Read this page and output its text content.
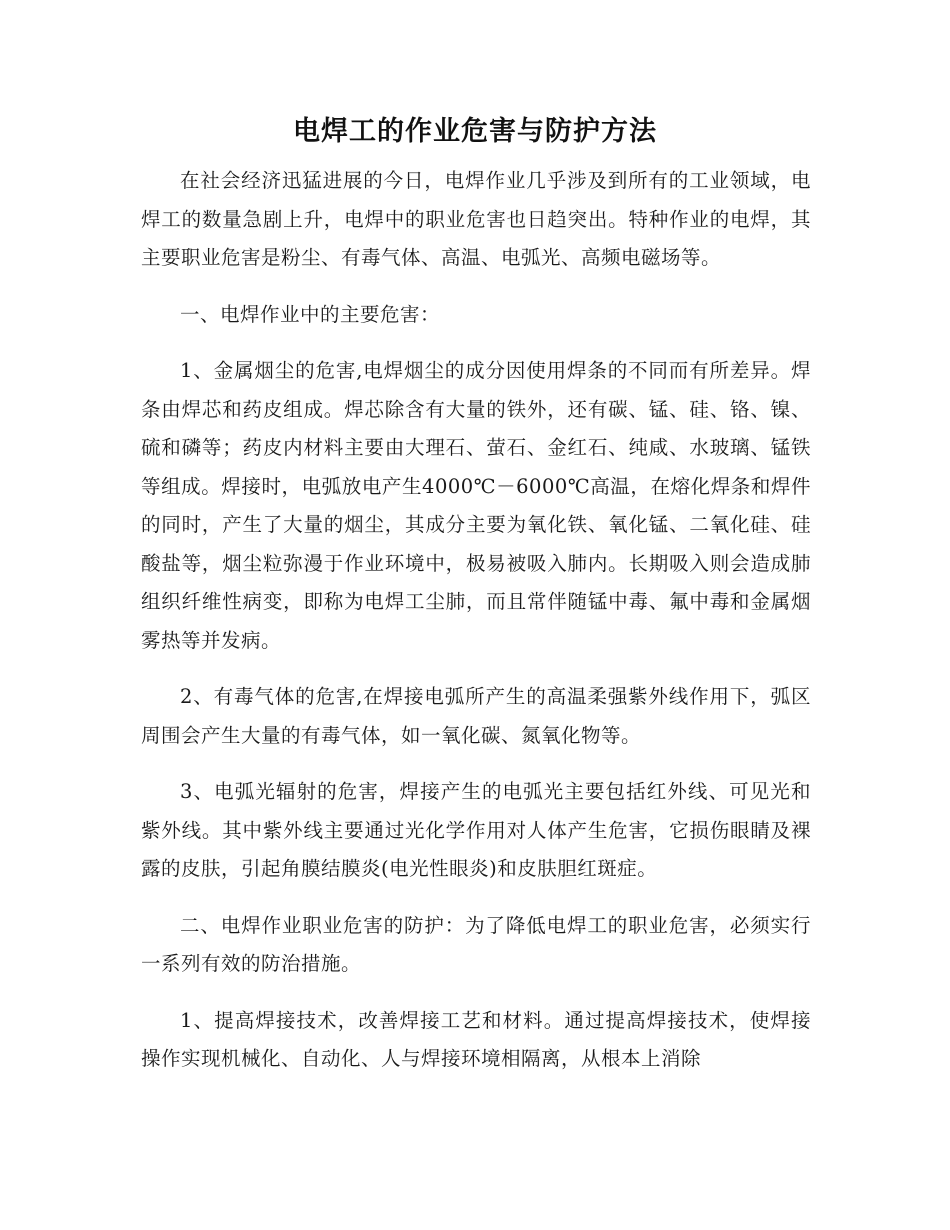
电焊工的作业危害与防护方法

在社会经济迅猛进展的今日，电焊作业几乎涉及到所有的工业领域，电焊工的数量急剧上升，电焊中的职业危害也日趋突出。特种作业的电焊，其主要职业危害是粉尘、有毒气体、高温、电弧光、高频电磁场等。

一、电焊作业中的主要危害：

1、金属烟尘的危害,电焊烟尘的成分因使用焊条的不同而有所差异。焊条由焊芯和药皮组成。焊芯除含有大量的铁外，还有碳、锰、硅、铬、镍、硫和磷等；药皮内材料主要由大理石、萤石、金红石、纯咸、水玻璃、锰铁等组成。焊接时，电弧放电产生4000℃－6000℃高温，在熔化焊条和焊件的同时，产生了大量的烟尘，其成分主要为氧化铁、氧化锰、二氧化硅、硅酸盐等，烟尘粒弥漫于作业环境中，极易被吸入肺内。长期吸入则会造成肺组织纤维性病变，即称为电焊工尘肺，而且常伴随锰中毒、氟中毒和金属烟雾热等并发病。

2、有毒气体的危害,在焊接电弧所产生的高温柔强紫外线作用下，弧区周围会产生大量的有毒气体，如一氧化碳、氮氧化物等。

3、电弧光辐射的危害，焊接产生的电弧光主要包括红外线、可见光和紫外线。其中紫外线主要通过光化学作用对人体产生危害，它损伤眼睛及裸露的皮肤，引起角膜结膜炎(电光性眼炎)和皮肤胆红斑症。

二、电焊作业职业危害的防护：为了降低电焊工的职业危害，必须实行一系列有效的防治措施。

1、提高焊接技术，改善焊接工艺和材料。通过提高焊接技术，使焊接操作实现机械化、自动化、人与焊接环境相隔离，从根本上消除
